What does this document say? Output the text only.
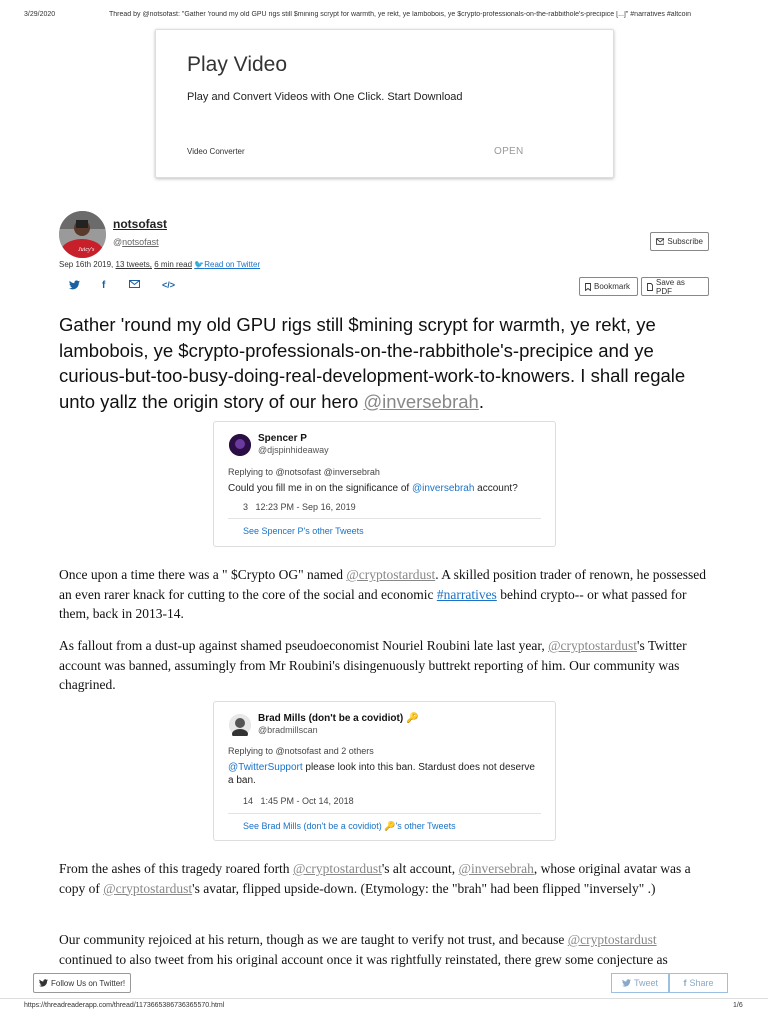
3/29/2020	Thread by @notsofast: "Gather 'round my old GPU rigs still $mining scrypt for warmth, ye rekt, ye lambobois, ye $crypto-professionals-on-the-rabbithole's-precipice [...]" #narratives #altcoin
Play Video
Play and Convert Videos with One Click. Start Download
Video Converter	OPEN
Juicy's
notsofast
@notsofast	Subscribe
Sep 16th 2019, 13 tweets, 6 min read 🐦Read on Twitter
f	</>	Bookmark	Save as PDF
Gather 'round my old GPU rigs still $mining scrypt for warmth, ye rekt, ye lambobois, ye $crypto-professionals-on-the-rabbithole's-precipice and ye curious-but-too-busy-doing-real-development-work-to-knowers. I shall regale unto yallz the origin story of our hero @inversebrah.
Spencer P
@djspinhideaway
Replying to @notsofast @inversebrah
Could you fill me in on the significance of @inversebrah account?
3 12:23 PM - Sep 16, 2019
See Spencer P's other Tweets
Once upon a time there was a " $Crypto OG" named @cryptostardust. A skilled position trader of renown, he possessed an even rarer knack for cutting to the core of the social and economic #narratives behind crypto-- or what passed for them, back in 2013-14.
As fallout from a dust-up against shamed pseudoeconomist Nouriel Roubini late last year, @cryptostardust's Twitter account was banned, assumingly from Mr Roubini's disingenuously buttrekt reporting of him. Our community was chagrined.
Brad Mills (don't be a covidiot) 🔑
@bradmillscan
Replying to @notsofast and 2 others
@TwitterSupport please look into this ban. Stardust does not deserve a ban.
14 1:45 PM - Oct 14, 2018
See Brad Mills (don't be a covidiot) 🔑's other Tweets
From the ashes of this tragedy roared forth @cryptostardust's alt account, @inversebrah, whose original avatar was a copy of @cryptostardust's avatar, flipped upside-down. (Etymology: the "brah" had been flipped "inversely" .)
Our community rejoiced at his return, though as we are taught to verify not trust, and because @cryptostardust continued to also tweet from his original account once it was rightfully reinstated, there grew some conjecture as
Follow Us on Twitter!	Tweet	f Share
https://threadreaderapp.com/thread/1173665386736365570.html	1/6
